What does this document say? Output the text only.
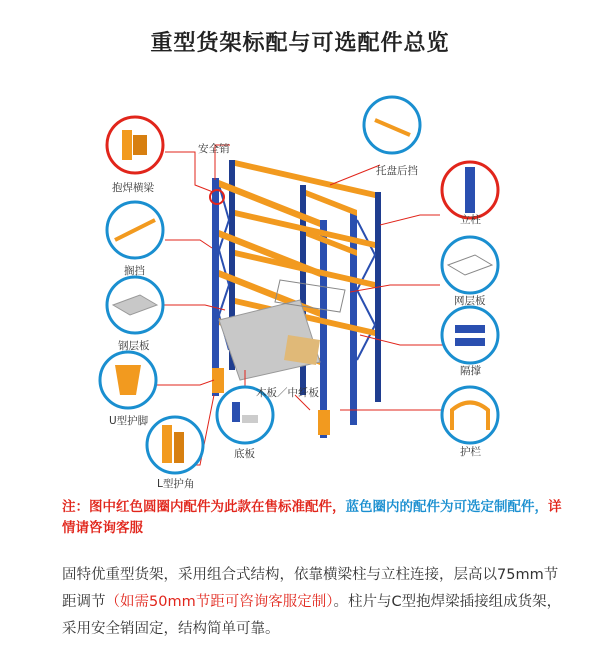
重型货架标配与可选配件总览
安全销
抱焊横梁
托盘后挡
立柱
搁挡
网层板
钢层板
隔撑
U型护脚
木板／中纤板
底板
L型护角
护栏
注：图中红色圆圈内配件为此款在售标准配件，蓝色圈内的配件为可选定制配件，详情请咨询客服
固特优重型货架，采用组合式结构，依靠横梁柱与立柱连接，层高以75mm节距调节（如需50mm节距可咨询客服定制）。柱片与C型抱焊梁插接组成货架，采用安全销固定，结构简单可靠。
